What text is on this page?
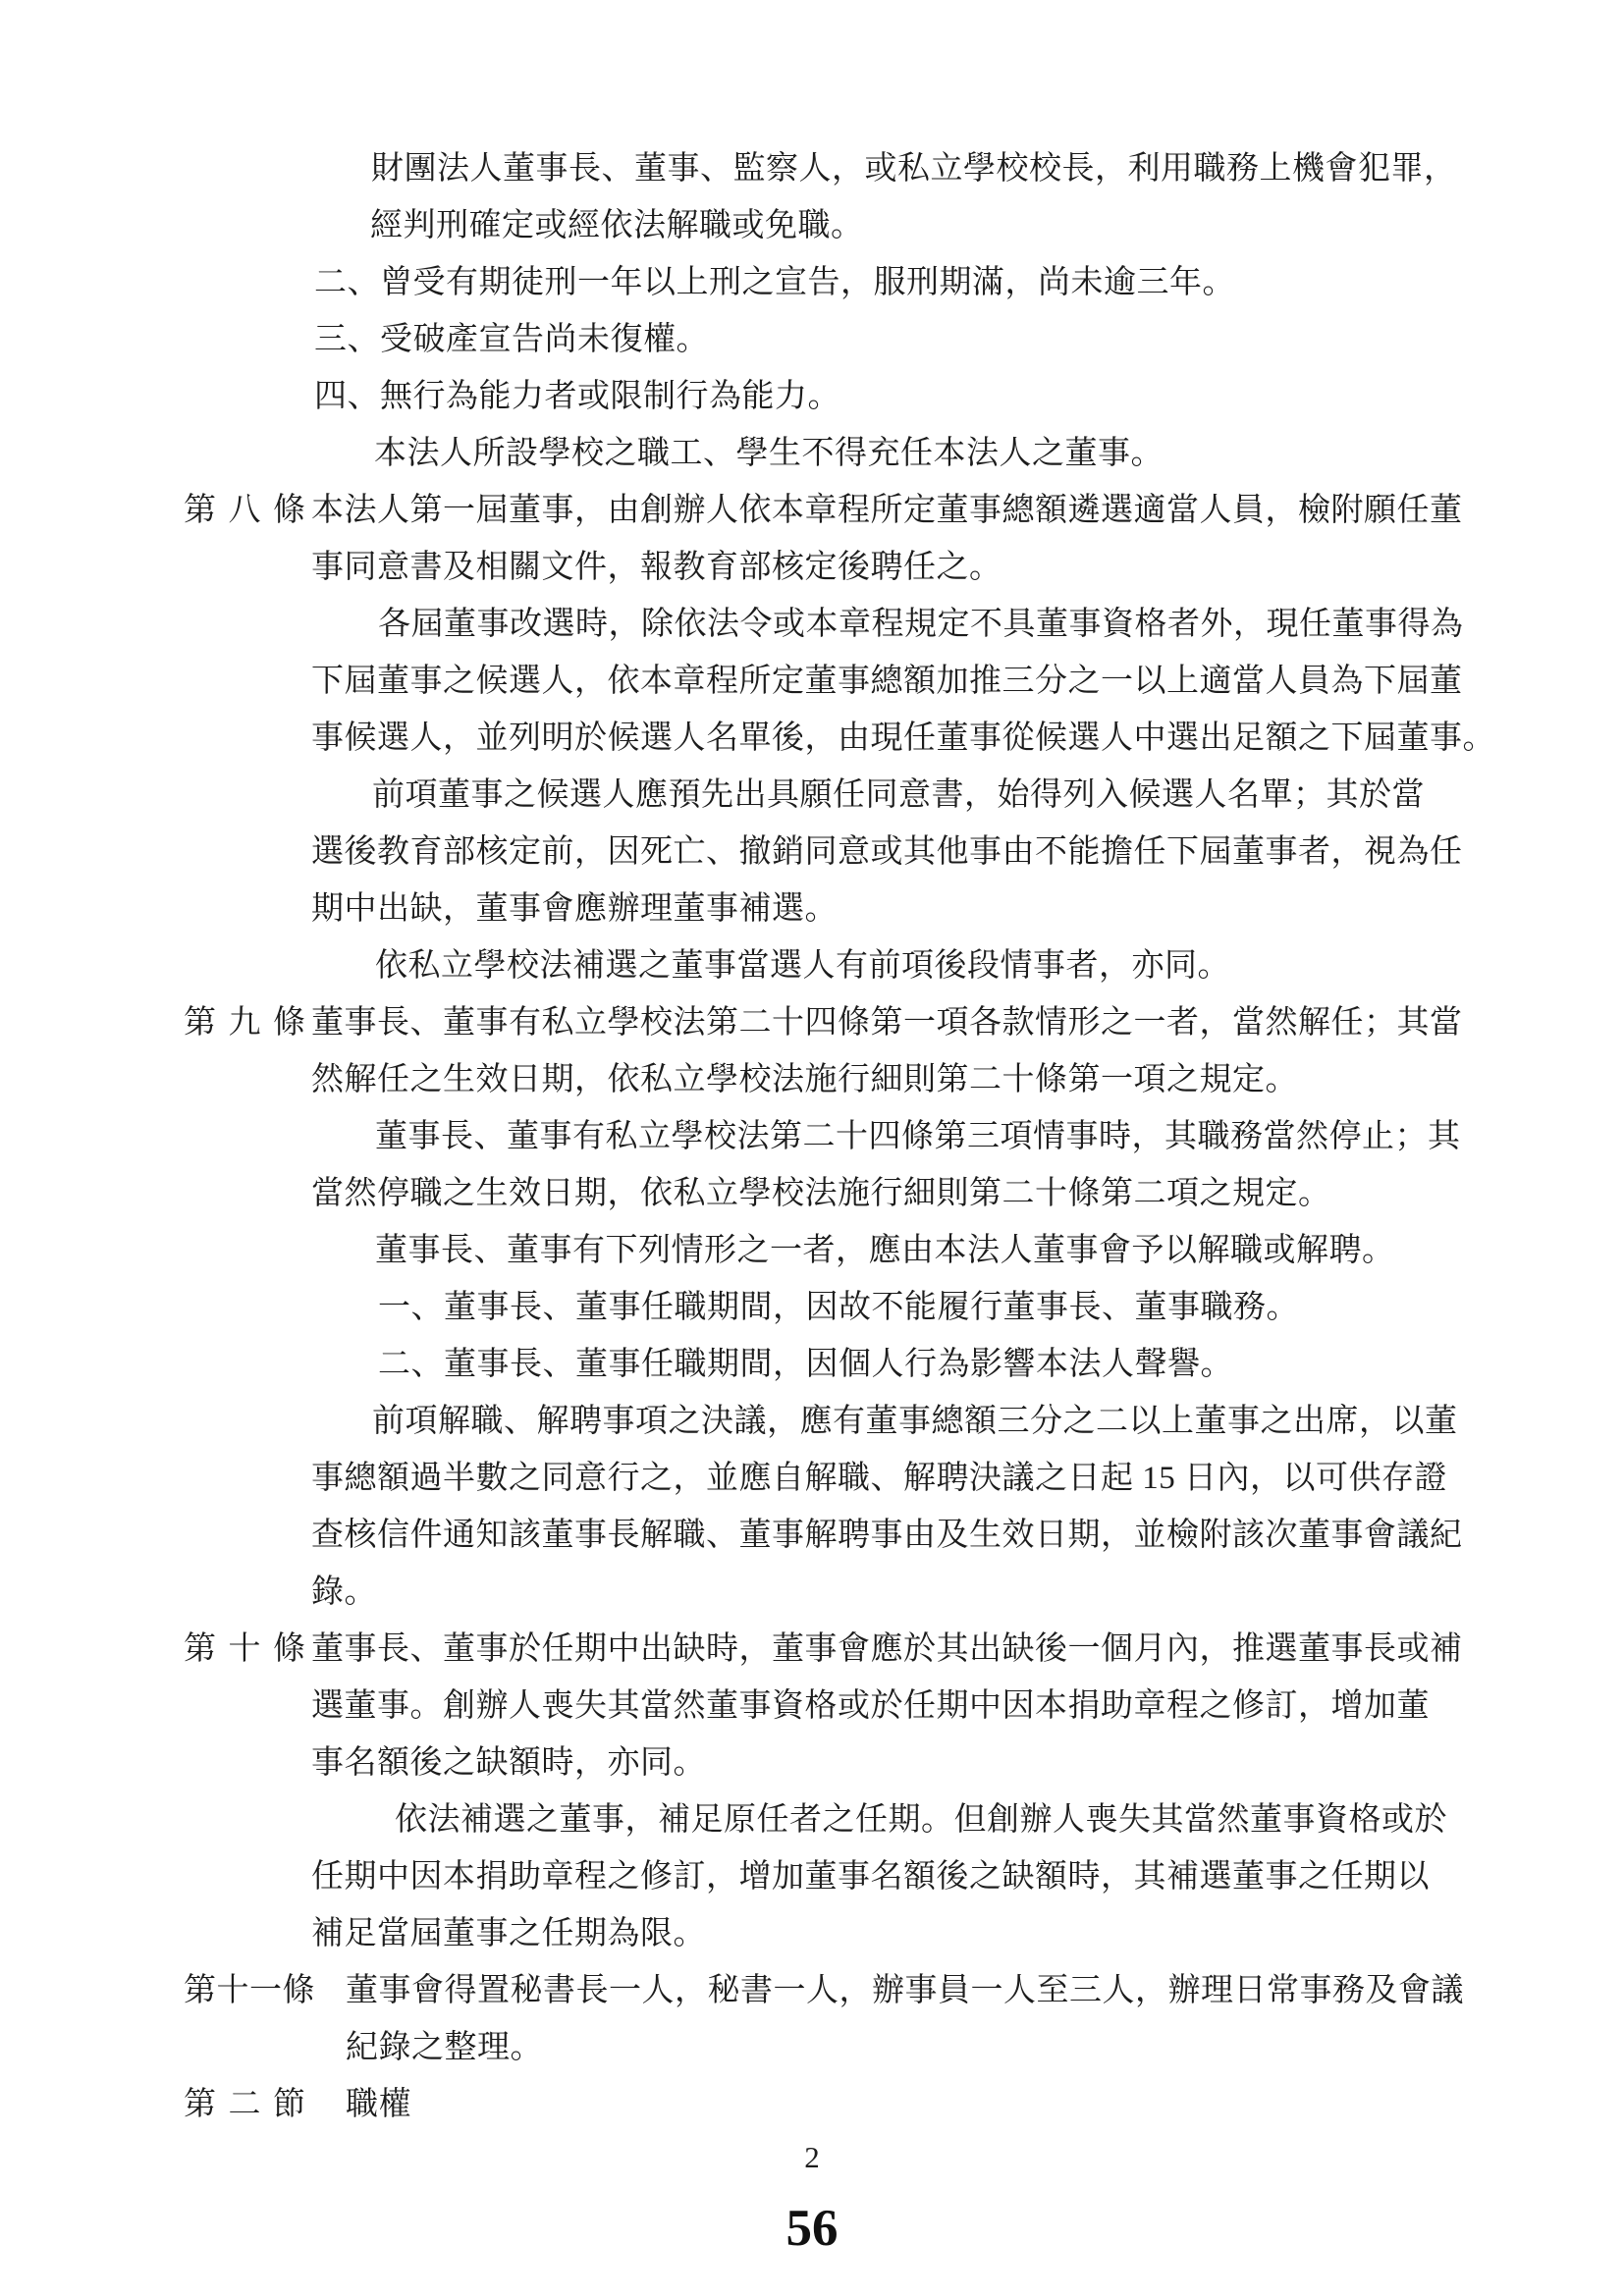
財團法人董事長、董事、監察人，或私立學校校長，利用職務上機會犯罪，
經判刑確定或經依法解職或免職。
二、曾受有期徒刑一年以上刑之宣告，服刑期滿，尚未逾三年。
三、受破產宣告尚未復權。
四、無行為能力者或限制行為能力。
本法人所設學校之職工、學生不得充任本法人之董事。
第八條
本法人第一屆董事，由創辦人依本章程所定董事總額遴選適當人員，檢附願任董
事同意書及相關文件，報教育部核定後聘任之。
各屆董事改選時，除依法令或本章程規定不具董事資格者外，現任董事得為
下屆董事之候選人，依本章程所定董事總額加推三分之一以上適當人員為下屆董
事候選人，並列明於候選人名單後，由現任董事從候選人中選出足額之下屆董事。
前項董事之候選人應預先出具願任同意書，始得列入候選人名單；其於當
選後教育部核定前，因死亡、撤銷同意或其他事由不能擔任下屆董事者，視為任
期中出缺，董事會應辦理董事補選。
依私立學校法補選之董事當選人有前項後段情事者，亦同。
第九條
董事長、董事有私立學校法第二十四條第一項各款情形之一者，當然解任；其當
然解任之生效日期，依私立學校法施行細則第二十條第一項之規定。
董事長、董事有私立學校法第二十四條第三項情事時，其職務當然停止；其
當然停職之生效日期，依私立學校法施行細則第二十條第二項之規定。
董事長、董事有下列情形之一者，應由本法人董事會予以解職或解聘。
一、董事長、董事任職期間，因故不能履行董事長、董事職務。
二、董事長、董事任職期間，因個人行為影響本法人聲譽。
前項解職、解聘事項之決議，應有董事總額三分之二以上董事之出席，以董
事總額過半數之同意行之，並應自解職、解聘決議之日起 15 日內，以可供存證
查核信件通知該董事長解職、董事解聘事由及生效日期，並檢附該次董事會議紀
錄。
第十條
董事長、董事於任期中出缺時，董事會應於其出缺後一個月內，推選董事長或補
選董事。創辦人喪失其當然董事資格或於任期中因本捐助章程之修訂，增加董
事名額後之缺額時，亦同。
依法補選之董事，補足原任者之任期。但創辦人喪失其當然董事資格或於
任期中因本捐助章程之修訂，增加董事名額後之缺額時，其補選董事之任期以
補足當屆董事之任期為限。
第十一條 董事會得置秘書長一人，秘書一人，辦事員一人至三人，辦理日常事務及會議
紀錄之整理。
第二節 職權
2
56
